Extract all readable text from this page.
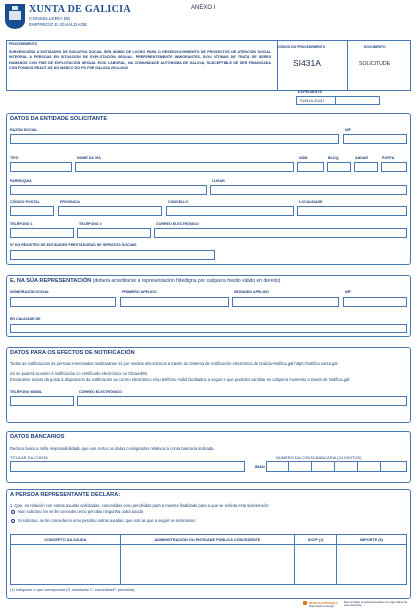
XUNTA DE GALICIA
CONSELLERÍA DE
EMPREGO E IGUALDADE
ANEXO I
PROCEDEMENTO
SUBVENCIÓNS A ENTIDADES DE INICIATIVA SOCIAL SEN ÁNIMO DE LUCRO PARA O DESENVOLVEMENTO DE PROXECTOS DE ATENCIÓN SOCIAL INTEGRAL A PERSOAS EN SITUACIÓN DE EXPLOTACIÓN SEXUAL, PREFERENTEMENTE INMIGRANTES, E/OU VÍTIMAS DE TRATA DE SERES HUMANOS CON FINS DE EXPLOTACIÓN SEXUAL E/OU LABORAL, NA COMUNIDADE AUTÓNOMA DE GALICIA, SUSCEPTIBLE DE SER FINANCIADA CON FONDOS REACT-UE NO MARCO DO PO FSE GALICIA 2014-2020
CÓDIGO DO PROCEDEMENTO
SI431A
DOCUMENTO
SOLICITUDE
EXPEDIENTE
SI431A 2021/
DATOS DA ENTIDADE SOLICITANTE
RAZÓN SOCIAL	NIF
TIPO	NOME DA VÍA	NÚM.	BLOQ.	ANDAR	PORTA
PARROQUIA	LUGAR
CÓDIGO POSTAL	PROVINCIA	CONCELLO	LOCALIDADE
TELÉFONO 1	TELÉFONO 2	CORREO ELECTRÓNICO
Nº DO REXISTRO DE ENTIDADES PRESTADORAS DE SERVIZOS SOCIAIS
E, NA SÚA REPRESENTACIÓN (deberá acreditarse a representación fidedigna por calquera medio válido en dereito)
NOME/RAZÓN SOCIAL	PRIMEIRO APELIDO	SEGUNDO APELIDO	NIF
EN CALIDADE DE
DATOS PARA OS EFECTOS DE NOTIFICACIÓN
Todas as notificacións ás persoas interesadas realizaranse só por medios electrónicos a través do Sistema de notificación electrónica de Galicia-Notifica.gal https://notifica.xunta.gal
Só se poderá acceder á notificación co certificado electrónico ou Chave365.
Enviaranse avisos da posta á disposición da notificación ao correo electrónico e/ou teléfono móbil facilitados a seguir e que poderán cambiar en calquera momento a través de Notifica.gal:
TELÉFONO MÓBIL	CORREO ELECTRÓNICO
DATOS BANCARIOS
Declaro baixo a miña responsabilidade que son certos os datos consignados relativos á conta bancaria indicada.
TITULAR DA CONTA	NÚMERO DA CONTA BANCARIA (24 DÍXITOS)
IBAN
A PERSOA REPRESENTANTE DECLARA:
1. Que, en relación con outras axudas solicitadas, concedidas e/ou percibidas para a mesma finalidade para a que se solicita esta subvención:
Non solicitou nin se lle concedeu e/ou percibiu ningunha outra axuda
Si solicitou, se lle concederon e/ou percibiu outras axudas, que son as que a seguir se relacionan:
CONCEPTO DA AXUDA	ADMINISTRACIÓN OU ENTIDADE PÚBLICA CONCEDENTE	S/C/P (1)	IMPORTE (€)

(1) Indíquese o que corresponda (S: solicitada/ C: concedida/P: percibida)
SEDE ELECTRÓNICA	Este formulario só poderá presentarse nun lugar distinto da sede electrónica
https://sede.xunta.gal
